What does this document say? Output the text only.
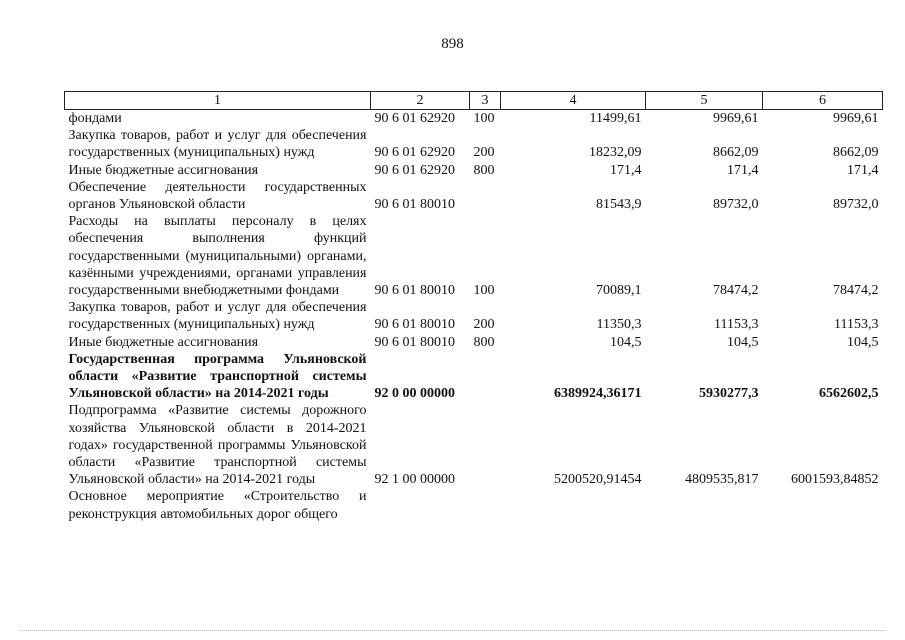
898
1	2	3	4	5	6
фондами	90 6 01 62920	100	11499,61	9969,61	9969,61
Закупка товаров, работ и услуг для обеспечения государственных (муниципальных) нужд	90 6 01 62920	200	18232,09	8662,09	8662,09
Иные бюджетные ассигнования	90 6 01 62920	800	171,4	171,4	171,4
Обеспечение деятельности государственных органов Ульяновской области	90 6 01 80010		81543,9	89732,0	89732,0
Расходы на выплаты персоналу в целях обеспечения выполнения функций государственными (муниципальными) органами, казёнными учреждениями, органами управления государственными внебюджетными фондами	90 6 01 80010	100	70089,1	78474,2	78474,2
Закупка товаров, работ и услуг для обеспечения государственных (муниципальных) нужд	90 6 01 80010	200	11350,3	11153,3	11153,3
Иные бюджетные ассигнования	90 6 01 80010	800	104,5	104,5	104,5
Государственная программа Ульяновской области «Развитие транспортной системы Ульяновской области» на 2014-2021 годы	92 0 00 00000		6389924,36171	5930277,3	6562602,5
Подпрограмма «Развитие системы дорожного хозяйства Ульяновской области в 2014-2021 годах» государственной программы Ульяновской области «Развитие транспортной системы Ульяновской области» на 2014-2021 годы	92 1 00 00000		5200520,91454	4809535,817	6001593,84852
Основное мероприятие «Строительство и реконструкция автомобильных дорог общего					
